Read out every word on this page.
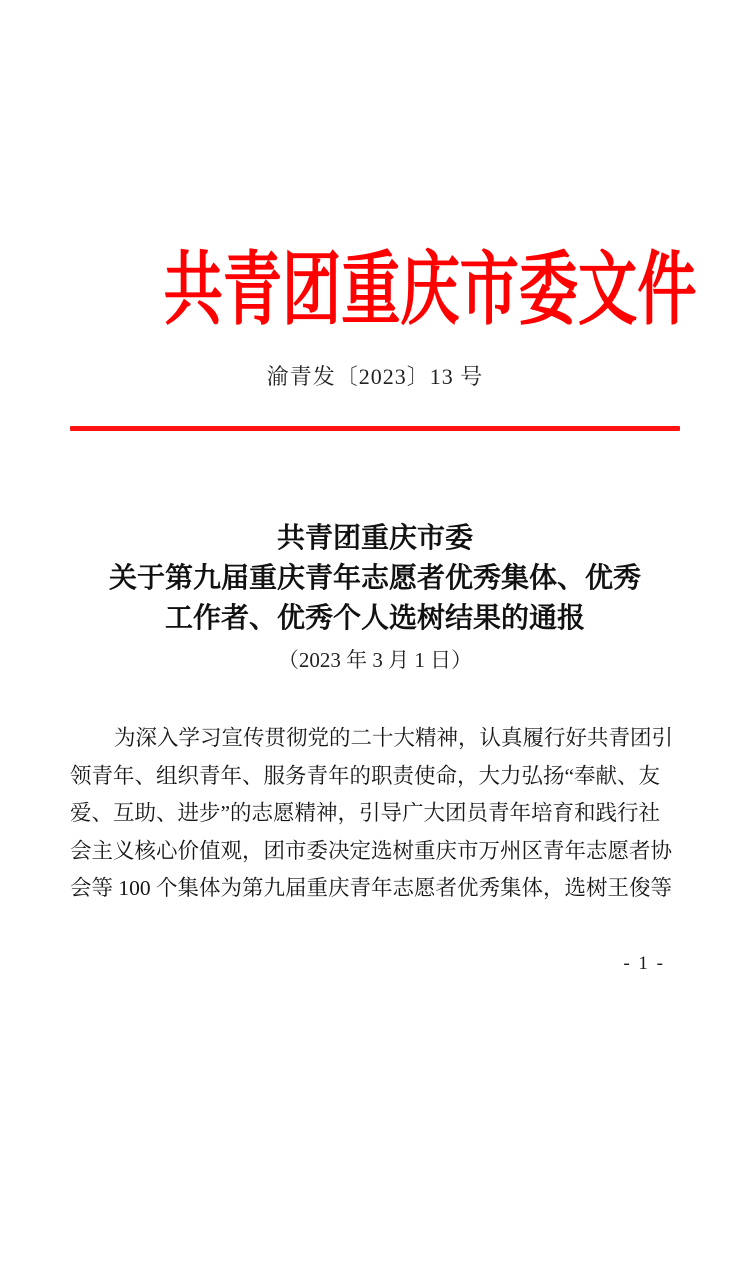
共青团重庆市委文件
渝青发〔2023〕13 号
共青团重庆市委
关于第九届重庆青年志愿者优秀集体、优秀
工作者、优秀个人选树结果的通报
（2023 年 3 月 1 日）
为深入学习宣传贯彻党的二十大精神，认真履行好共青团引
领青年、组织青年、服务青年的职责使命，大力弘扬“奉献、友
爱、互助、进步”的志愿精神，引导广大团员青年培育和践行社
会主义核心价值观，团市委决定选树重庆市万州区青年志愿者协
会等 100 个集体为第九届重庆青年志愿者优秀集体，选树王俊等
- 1 -
